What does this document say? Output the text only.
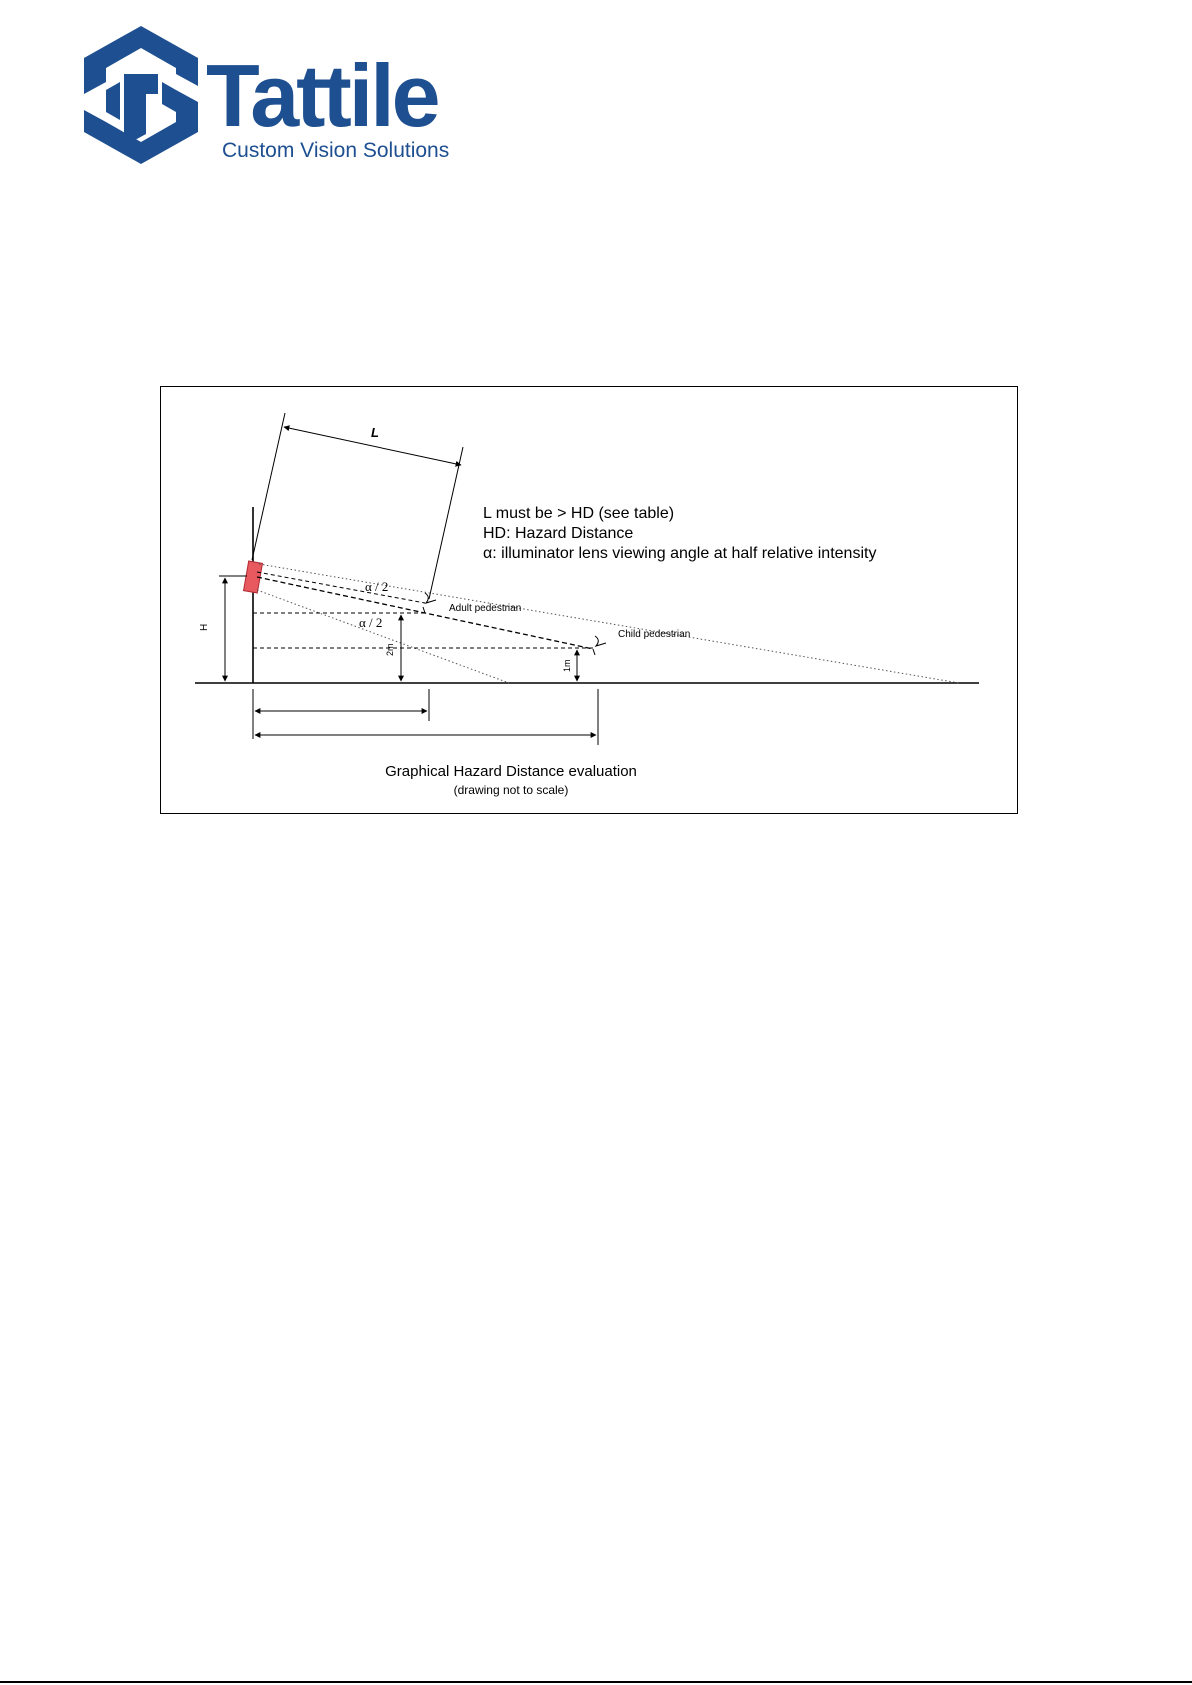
Tattile
Custom Vision Solutions
L
H
2m
1m
α / 2
α / 2
Adult pedestrian
Child pedestrian
L must be > HD (see table)
HD: Hazard Distance
α: illuminator lens viewing angle at half relative intensity
Graphical Hazard Distance evaluation
(drawing not to scale)
